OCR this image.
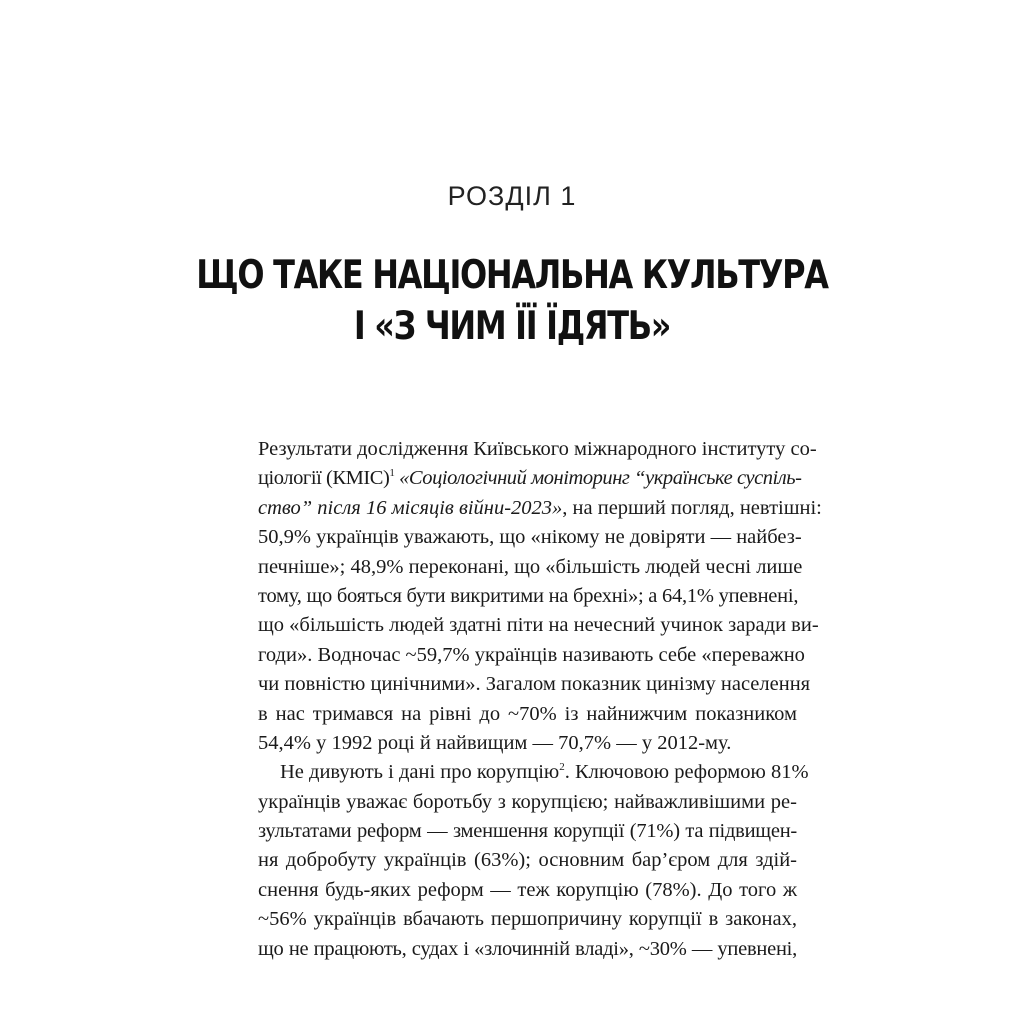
РОЗДІЛ 1
ЩО ТАКЕ НАЦІОНАЛЬНА КУЛЬТУРА
І «З ЧИМ ЇЇ ЇДЯТЬ»
Результати дослідження Київського міжнародного інституту со-
ціології (КМІС)$^1$ «Соціологічний моніторинг “українське суспіль-
ство” після 16 місяців війни-2023», на перший погляд, невтішні:
50,9% українців уважають, що «нікому не довіряти — найбез-
печніше»; 48,9% переконані, що «більшість людей чесні лише
тому, що бояться бути викритими на брехні»; а 64,1% упевнені,
що «більшість людей здатні піти на нечесний учинок заради ви-
годи». Водночас ~59,7% українців називають себе «переважно
чи повністю цинічними». Загалом показник цинізму населення
в нас тримався на рівні до ~70% із найнижчим показником
54,4% у 1992 році й найвищим — 70,7% — у 2012-му.
Не дивують і дані про корупцію$^2$. Ключовою реформою 81%
українців уважає боротьбу з корупцією; найважливішими ре-
зультатами реформ — зменшення корупції (71%) та підвищен-
ня добробуту українців (63%); основним бар’єром для здій-
снення будь-яких реформ — теж корупцію (78%). До того ж
~56% українців вбачають першопричину корупції в законах,
що не працюють, судах і «злочинній владі», ~30% — упевнені,
